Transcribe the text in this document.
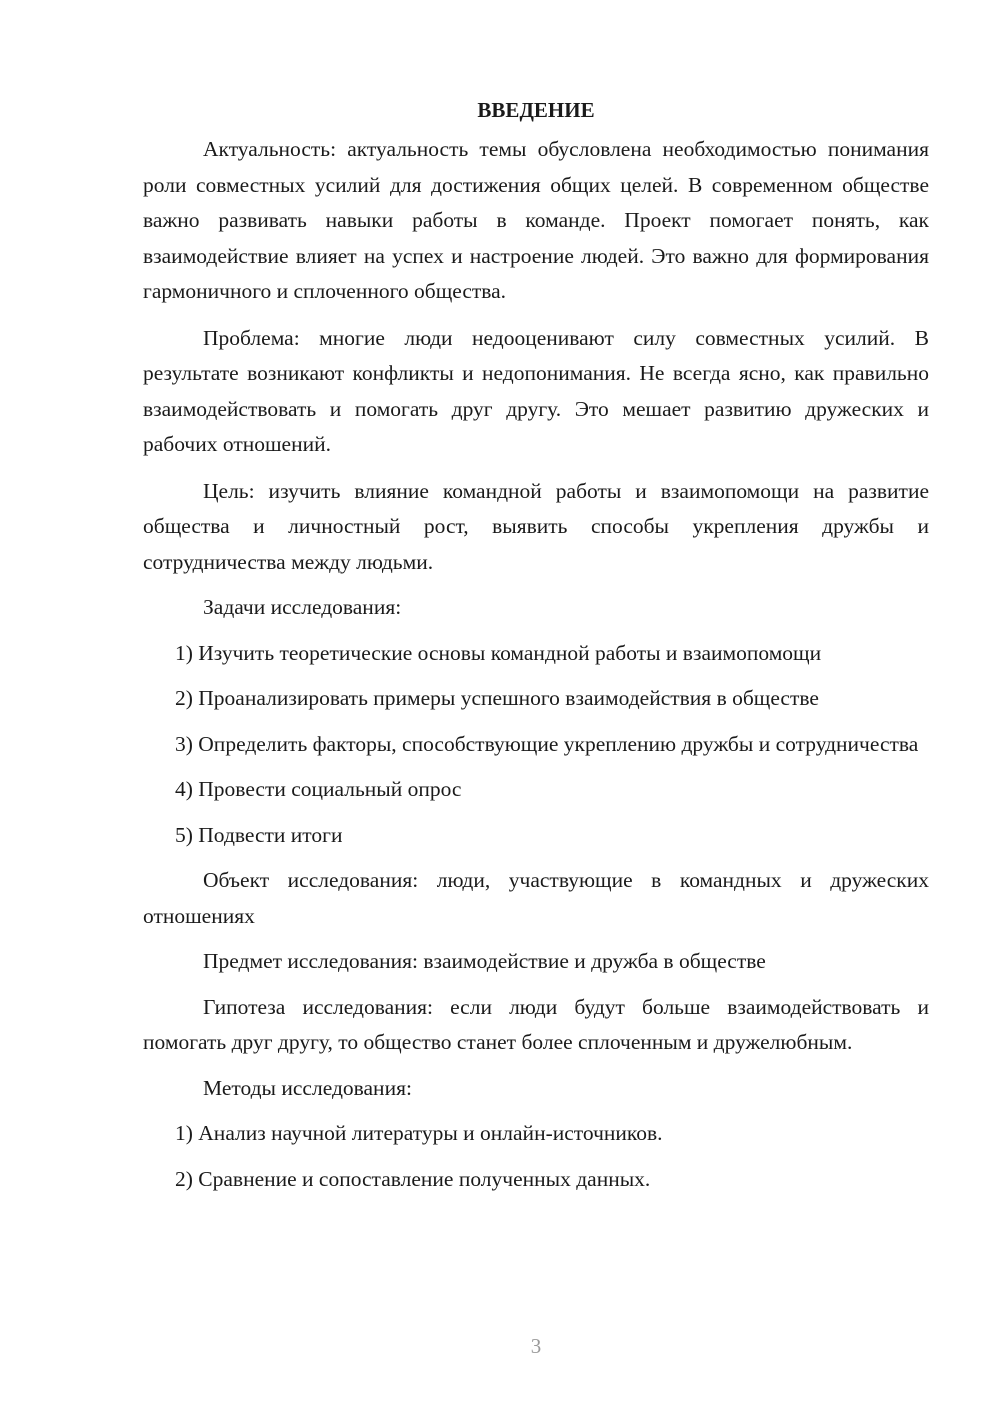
ВВЕДЕНИЕ

Актуальность: актуальность темы обусловлена необходимостью понимания роли совместных усилий для достижения общих целей. В современном обществе важно развивать навыки работы в команде. Проект помогает понять, как взаимодействие влияет на успех и настроение людей. Это важно для формирования гармоничного и сплоченного общества.

Проблема: многие люди недооценивают силу совместных усилий. В результате возникают конфликты и недопонимания. Не всегда ясно, как правильно взаимодействовать и помогать друг другу. Это мешает развитию дружеских и рабочих отношений.

Цель: изучить влияние командной работы и взаимопомощи на развитие общества и личностный рост, выявить способы укрепления дружбы и сотрудничества между людьми.

Задачи исследования:

1) Изучить теоретические основы командной работы и взаимопомощи

2) Проанализировать примеры успешного взаимодействия в обществе

3) Определить факторы, способствующие укреплению дружбы и сотрудничества

4) Провести социальный опрос

5) Подвести итоги

Объект исследования: люди, участвующие в командных и дружеских отношениях

Предмет исследования: взаимодействие и дружба в обществе

Гипотеза исследования: если люди будут больше взаимодействовать и помогать друг другу, то общество станет более сплоченным и дружелюбным.

Методы исследования:

1) Анализ научной литературы и онлайн-источников.

2) Сравнение и сопоставление полученных данных.

3
